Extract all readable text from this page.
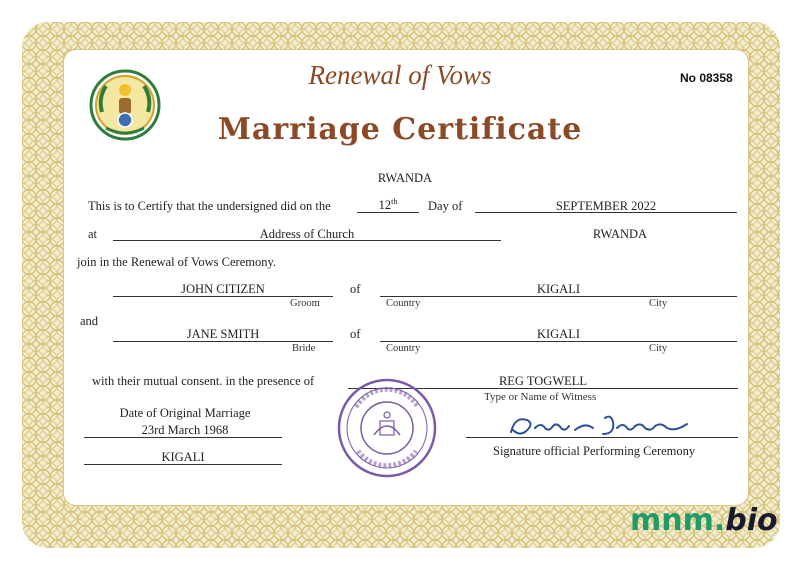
Renewal of Vows
Marriage Certificate
No 08358
RWANDA
This is to Certify that the undersigned did on the	12th	Day of	SEPTEMBER 2022
at	Address of Church	RWANDA
join in the Renewal of Vows Ceremony.
JOHN CITIZEN
Groom
of	KIGALI
Country	City
and
JANE SMITH
Bride
of	KIGALI
Country	City
with their mutual consent. in the presence of	REG TOGWELL
Type or Name of Witness
Date of Original Marriage
23rd March 1968
KIGALI	Signature official Performing Ceremony
mnm.bio
